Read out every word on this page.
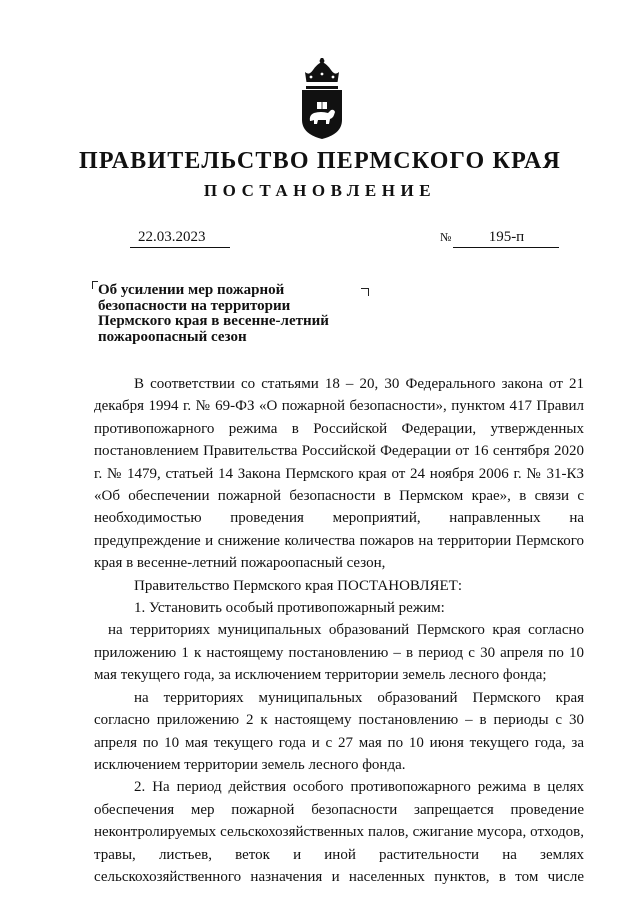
ПРАВИТЕЛЬСТВО ПЕРМСКОГО КРАЯ
ПОСТАНОВЛЕНИЕ
22.03.2023	№ 195-п
Об усилении мер пожарной
безопасности на территории
Пермского края в весенне-летний
пожароопасный сезон

В соответствии со статьями 18 – 20, 30 Федерального закона от 21 декабря 1994 г. № 69-ФЗ «О пожарной безопасности», пунктом 417 Правил противопожарного режима в Российской Федерации, утвержденных постановлением Правительства Российской Федерации от 16 сентября 2020 г. № 1479, статьей 14 Закона Пермского края от 24 ноября 2006 г. № 31-КЗ «Об обеспечении пожарной безопасности в Пермском крае», в связи с необходимостью проведения мероприятий, направленных на предупреждение и снижение количества пожаров на территории Пермского края в весенне-летний пожароопасный сезон,

Правительство Пермского края ПОСТАНОВЛЯЕТ:

1. Установить особый противопожарный режим:

на территориях муниципальных образований Пермского края согласно приложению 1 к настоящему постановлению – в период с 30 апреля по 10 мая текущего года, за исключением территории земель лесного фонда;

на территориях муниципальных образований Пермского края согласно приложению 2 к настоящему постановлению – в периоды с 30 апреля по 10 мая текущего года и с 27 мая по 10 июня текущего года, за исключением территории земель лесного фонда.

2. На период действия особого противопожарного режима в целях обеспечения мер пожарной безопасности запрещается проведение неконтролируемых сельскохозяйственных палов, сжигание мусора, отходов, травы, листьев, веток и иной растительности на землях сельскохозяйственного назначения и населенных пунктов, в том числе
